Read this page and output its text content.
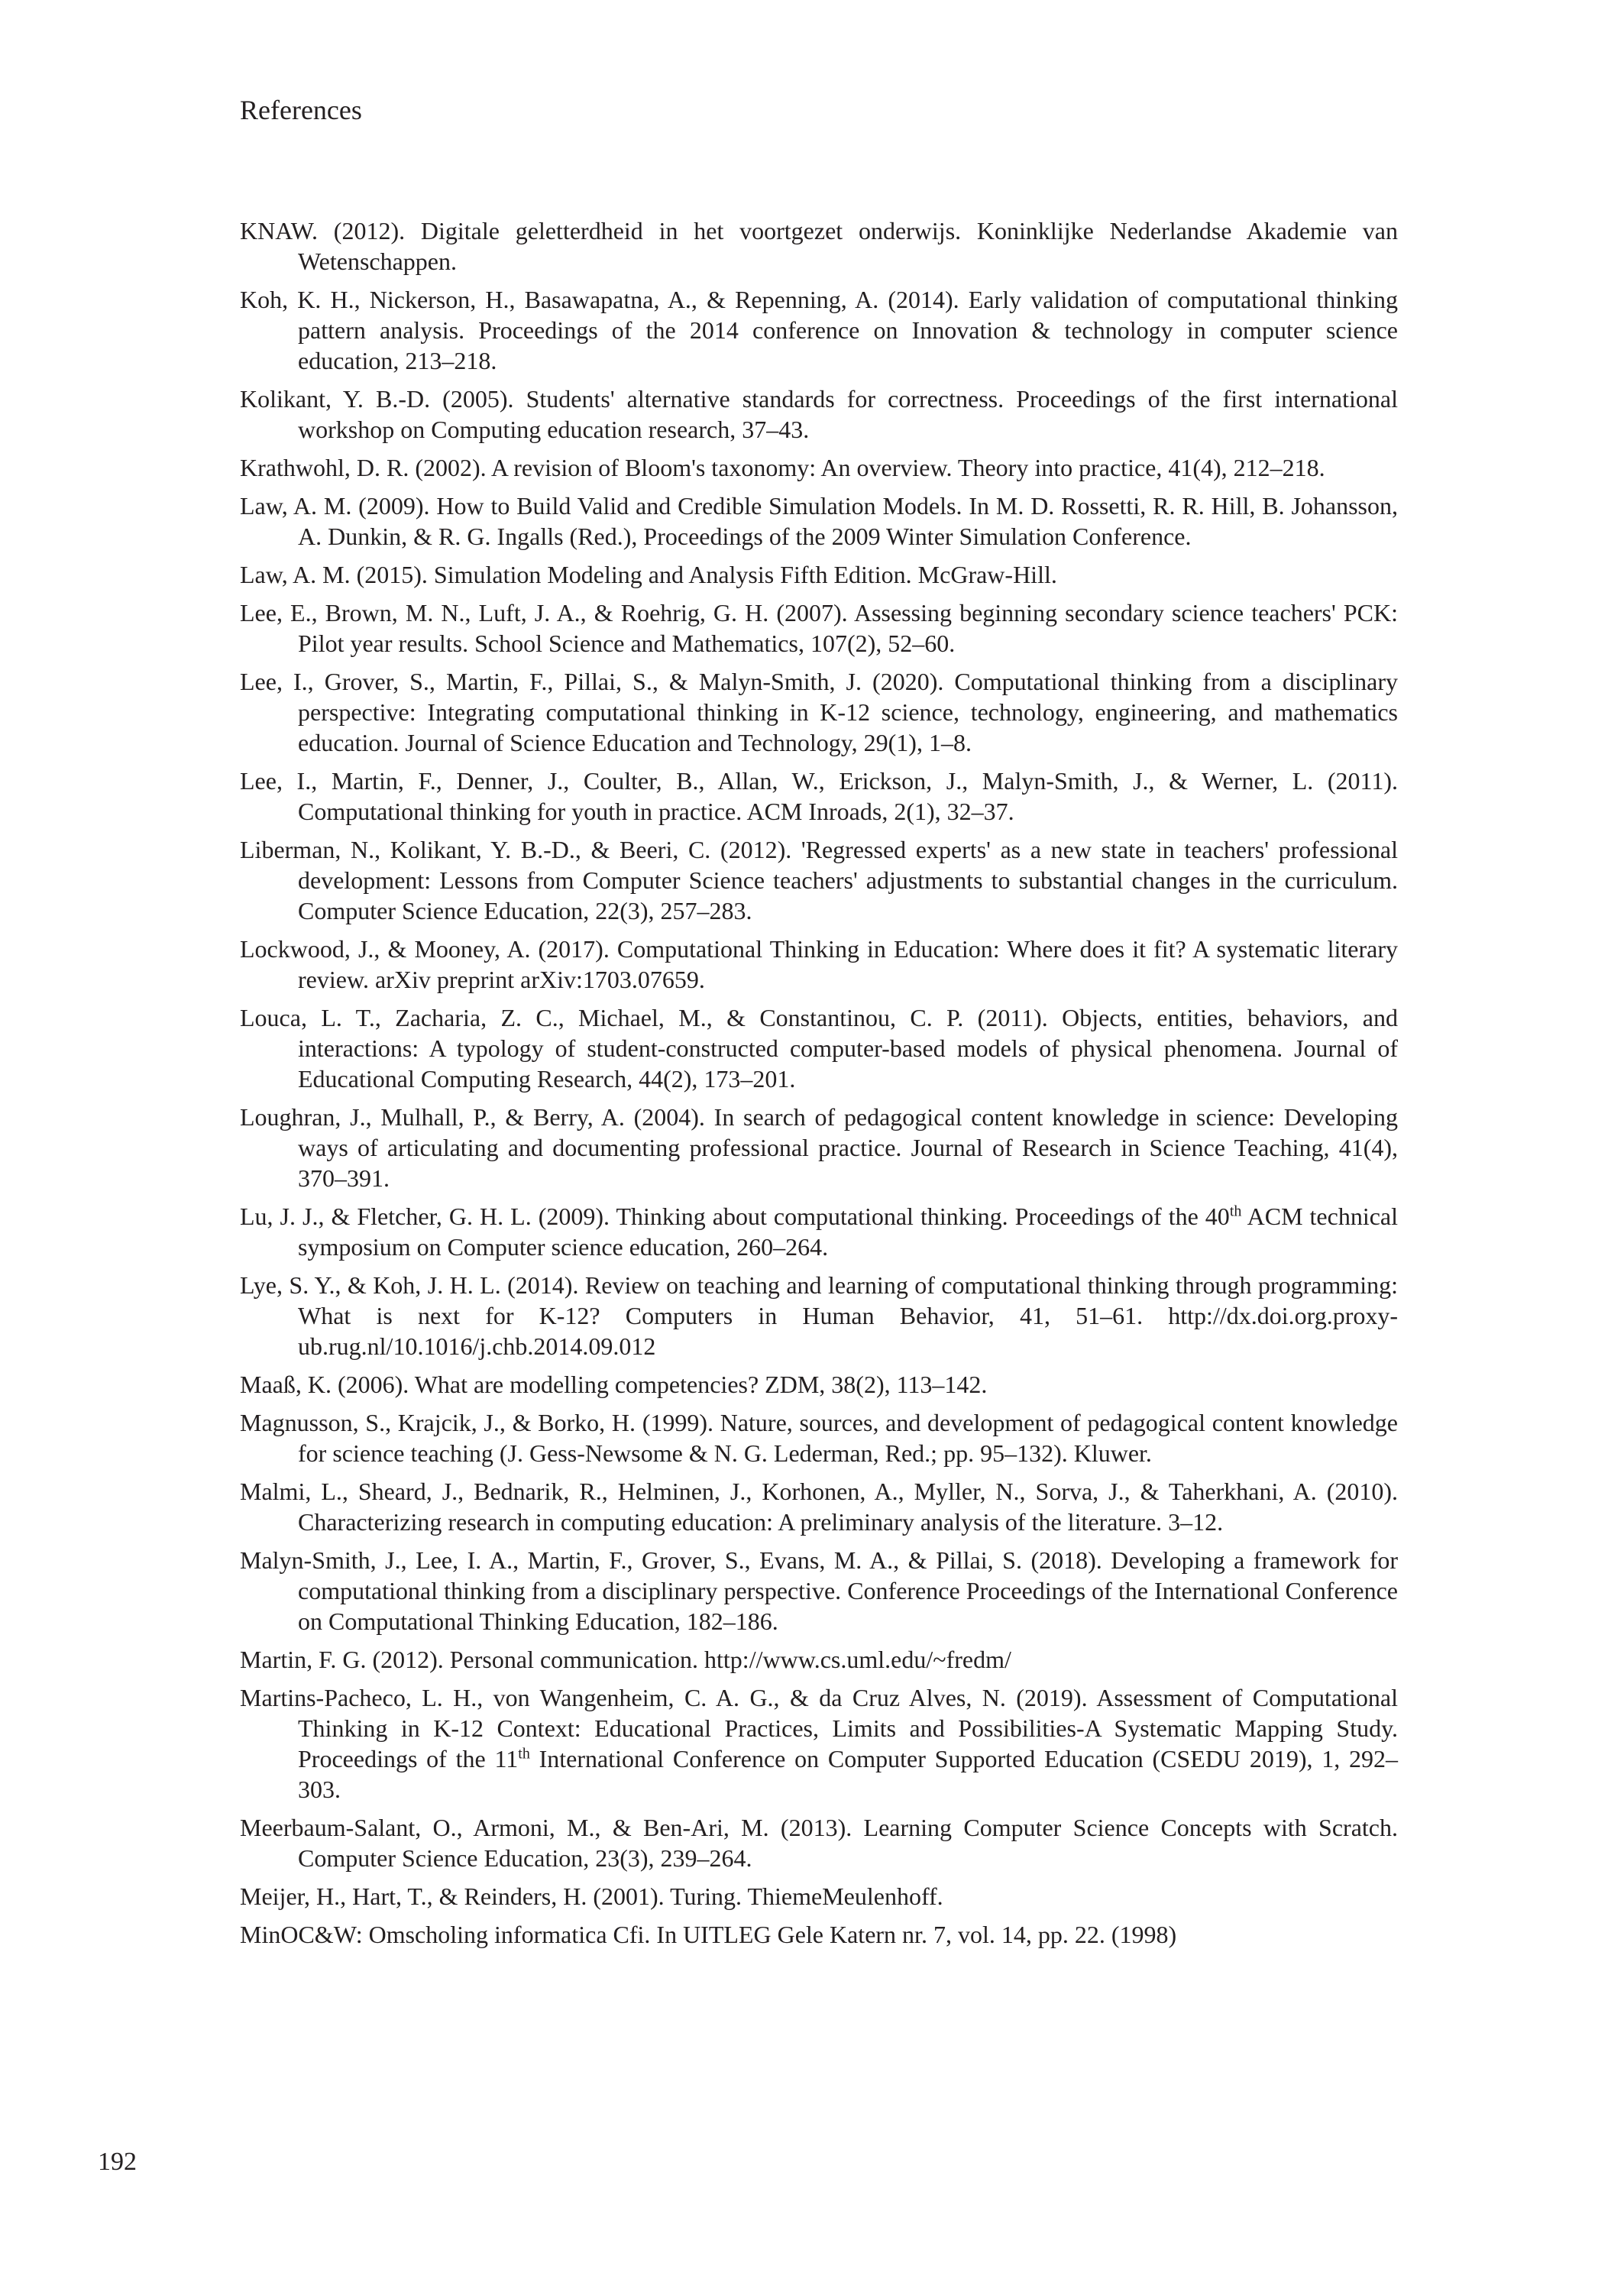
References
KNAW. (2012). Digitale geletterdheid in het voortgezet onderwijs. Koninklijke Nederlandse Akademie van Wetenschappen.
Koh, K. H., Nickerson, H., Basawapatna, A., & Repenning, A. (2014). Early validation of computational thinking pattern analysis. Proceedings of the 2014 conference on Innovation & technology in computer science education, 213–218.
Kolikant, Y. B.-D. (2005). Students' alternative standards for correctness. Proceedings of the first international workshop on Computing education research, 37–43.
Krathwohl, D. R. (2002). A revision of Bloom's taxonomy: An overview. Theory into practice, 41(4), 212–218.
Law, A. M. (2009). How to Build Valid and Credible Simulation Models. In M. D. Rossetti, R. R. Hill, B. Johansson, A. Dunkin, & R. G. Ingalls (Red.), Proceedings of the 2009 Winter Simulation Conference.
Law, A. M. (2015). Simulation Modeling and Analysis Fifth Edition. McGraw-Hill.
Lee, E., Brown, M. N., Luft, J. A., & Roehrig, G. H. (2007). Assessing beginning secondary science teachers' PCK: Pilot year results. School Science and Mathematics, 107(2), 52–60.
Lee, I., Grover, S., Martin, F., Pillai, S., & Malyn-Smith, J. (2020). Computational thinking from a disciplinary perspective: Integrating computational thinking in K-12 science, technology, engineering, and mathematics education. Journal of Science Education and Technology, 29(1), 1–8.
Lee, I., Martin, F., Denner, J., Coulter, B., Allan, W., Erickson, J., Malyn-Smith, J., & Werner, L. (2011). Computational thinking for youth in practice. ACM Inroads, 2(1), 32–37.
Liberman, N., Kolikant, Y. B.-D., & Beeri, C. (2012). 'Regressed experts' as a new state in teachers' professional development: Lessons from Computer Science teachers' adjustments to substantial changes in the curriculum. Computer Science Education, 22(3), 257–283.
Lockwood, J., & Mooney, A. (2017). Computational Thinking in Education: Where does it fit? A systematic literary review. arXiv preprint arXiv:1703.07659.
Louca, L. T., Zacharia, Z. C., Michael, M., & Constantinou, C. P. (2011). Objects, entities, behaviors, and interactions: A typology of student-constructed computer-based models of physical phenomena. Journal of Educational Computing Research, 44(2), 173–201.
Loughran, J., Mulhall, P., & Berry, A. (2004). In search of pedagogical content knowledge in science: Developing ways of articulating and documenting professional practice. Journal of Research in Science Teaching, 41(4), 370–391.
Lu, J. J., & Fletcher, G. H. L. (2009). Thinking about computational thinking. Proceedings of the 40th ACM technical symposium on Computer science education, 260–264.
Lye, S. Y., & Koh, J. H. L. (2014). Review on teaching and learning of computational thinking through programming: What is next for K-12? Computers in Human Behavior, 41, 51–61. http://dx.doi.org.proxy-ub.rug.nl/10.1016/j.chb.2014.09.012
Maaß, K. (2006). What are modelling competencies? ZDM, 38(2), 113–142.
Magnusson, S., Krajcik, J., & Borko, H. (1999). Nature, sources, and development of pedagogical content knowledge for science teaching (J. Gess-Newsome & N. G. Lederman, Red.; pp. 95–132). Kluwer.
Malmi, L., Sheard, J., Bednarik, R., Helminen, J., Korhonen, A., Myller, N., Sorva, J., & Taherkhani, A. (2010). Characterizing research in computing education: A preliminary analysis of the literature. 3–12.
Malyn-Smith, J., Lee, I. A., Martin, F., Grover, S., Evans, M. A., & Pillai, S. (2018). Developing a framework for computational thinking from a disciplinary perspective. Conference Proceedings of the International Conference on Computational Thinking Education, 182–186.
Martin, F. G. (2012). Personal communication. http://www.cs.uml.edu/~fredm/
Martins-Pacheco, L. H., von Wangenheim, C. A. G., & da Cruz Alves, N. (2019). Assessment of Computational Thinking in K-12 Context: Educational Practices, Limits and Possibilities-A Systematic Mapping Study. Proceedings of the 11th International Conference on Computer Supported Education (CSEDU 2019), 1, 292–303.
Meerbaum-Salant, O., Armoni, M., & Ben-Ari, M. (2013). Learning Computer Science Concepts with Scratch. Computer Science Education, 23(3), 239–264.
Meijer, H., Hart, T., & Reinders, H. (2001). Turing. ThiemeMeulenhoff.
MinOC&W: Omscholing informatica Cfi. In UITLEG Gele Katern nr. 7, vol. 14, pp. 22. (1998)
192
